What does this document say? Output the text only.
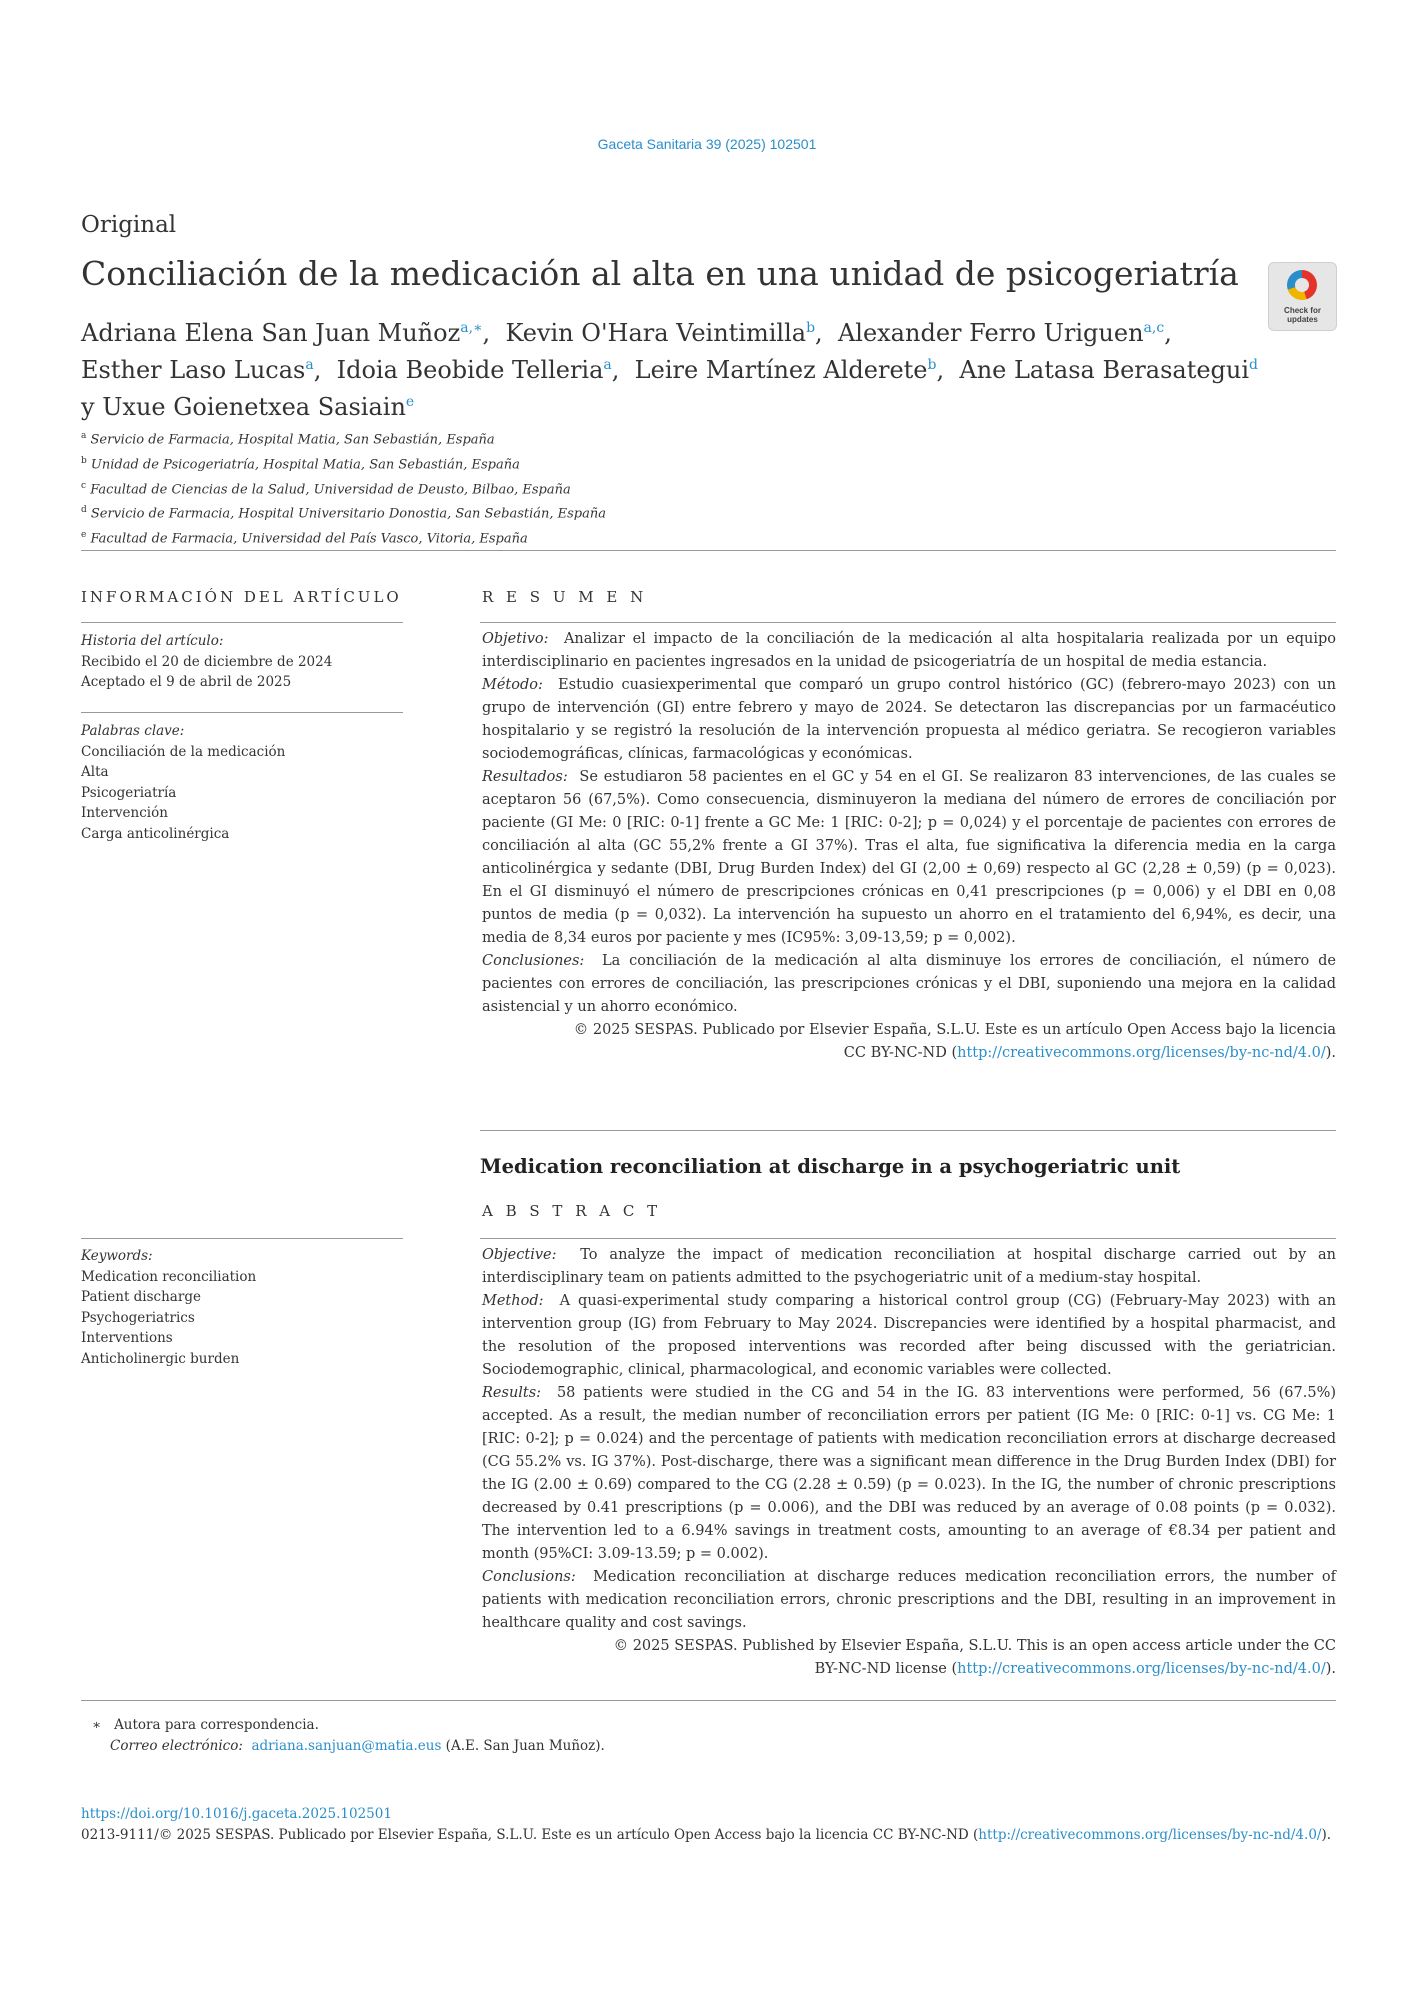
Gaceta Sanitaria 39 (2025) 102501
Original
Conciliación de la medicación al alta en una unidad de psicogeriatría
Check for updates
Adriana Elena San Juan Muñoz$^{a,∗}$, Kevin O'Hara Veintimilla$^b$, Alexander Ferro Uriguen$^{a,c}$,
Esther Laso Lucas$^a$, Idoia Beobide Telleria$^a$, Leire Martínez Alderete$^b$, Ane Latasa Berasategui$^d$
y Uxue Goienetxea Sasiain$^e$
$^a$ Servicio de Farmacia, Hospital Matia, San Sebastián, España
$^b$ Unidad de Psicogeriatría, Hospital Matia, San Sebastián, España
$^c$ Facultad de Ciencias de la Salud, Universidad de Deusto, Bilbao, España
$^d$ Servicio de Farmacia, Hospital Universitario Donostia, San Sebastián, España
$^e$ Facultad de Farmacia, Universidad del País Vasco, Vitoria, España
INFORMACIÓN DEL ARTÍCULO
Historia del artículo:
Recibido el 20 de diciembre de 2024
Aceptado el 9 de abril de 2025
Palabras clave:
Conciliación de la medicación
Alta
Psicogeriatría
Intervención
Carga anticolinérgica
Keywords:
Medication reconciliation
Patient discharge
Psychogeriatrics
Interventions
Anticholinergic burden
R E S U M E N

Objetivo: Analizar el impacto de la conciliación de la medicación al alta hospitalaria realizada por un equipo interdisciplinario en pacientes ingresados en la unidad de psicogeriatría de un hospital de media estancia.

Método: Estudio cuasiexperimental que comparó un grupo control histórico (GC) (febrero-mayo 2023) con un grupo de intervención (GI) entre febrero y mayo de 2024. Se detectaron las discrepancias por un farmacéutico hospitalario y se registró la resolución de la intervención propuesta al médico geriatra. Se recogieron variables sociodemográficas, clínicas, farmacológicas y económicas.

Resultados: Se estudiaron 58 pacientes en el GC y 54 en el GI. Se realizaron 83 intervenciones, de las cuales se aceptaron 56 (67,5%). Como consecuencia, disminuyeron la mediana del número de errores de conciliación por paciente (GI Me: 0 [RIC: 0-1] frente a GC Me: 1 [RIC: 0-2]; p = 0,024) y el porcentaje de pacientes con errores de conciliación al alta (GC 55,2% frente a GI 37%). Tras el alta, fue significativa la diferencia media en la carga anticolinérgica y sedante (DBI, Drug Burden Index) del GI (2,00 ± 0,69) respecto al GC (2,28 ± 0,59) (p = 0,023). En el GI disminuyó el número de prescripciones crónicas en 0,41 prescripciones (p = 0,006) y el DBI en 0,08 puntos de media (p = 0,032). La intervención ha supuesto un ahorro en el tratamiento del 6,94%, es decir, una media de 8,34 euros por paciente y mes (IC95%: 3,09-13,59; p = 0,002).

Conclusiones: La conciliación de la medicación al alta disminuye los errores de conciliación, el número de pacientes con errores de conciliación, las prescripciones crónicas y el DBI, suponiendo una mejora en la calidad asistencial y un ahorro económico.

© 2025 SESPAS. Publicado por Elsevier España, S.L.U. Este es un artículo Open Access bajo la licencia
CC BY-NC-ND (http://creativecommons.org/licenses/by-nc-nd/4.0/).

Medication reconciliation at discharge in a psychogeriatric unit
A B S T R A C T

Objective: To analyze the impact of medication reconciliation at hospital discharge carried out by an interdisciplinary team on patients admitted to the psychogeriatric unit of a medium-stay hospital.

Method: A quasi-experimental study comparing a historical control group (CG) (February-May 2023) with an intervention group (IG) from February to May 2024. Discrepancies were identified by a hospital pharmacist, and the resolution of the proposed interventions was recorded after being discussed with the geriatrician. Sociodemographic, clinical, pharmacological, and economic variables were collected.

Results: 58 patients were studied in the CG and 54 in the IG. 83 interventions were performed, 56 (67.5%) accepted. As a result, the median number of reconciliation errors per patient (IG Me: 0 [RIC: 0-1] vs. CG Me: 1 [RIC: 0-2]; p = 0.024) and the percentage of patients with medication reconciliation errors at discharge decreased (CG 55.2% vs. IG 37%). Post-discharge, there was a significant mean difference in the Drug Burden Index (DBI) for the IG (2.00 ± 0.69) compared to the CG (2.28 ± 0.59) (p = 0.023). In the IG, the number of chronic prescriptions decreased by 0.41 prescriptions (p = 0.006), and the DBI was reduced by an average of 0.08 points (p = 0.032). The intervention led to a 6.94% savings in treatment costs, amounting to an average of €8.34 per patient and month (95%CI: 3.09-13.59; p = 0.002).

Conclusions: Medication reconciliation at discharge reduces medication reconciliation errors, the number of patients with medication reconciliation errors, chronic prescriptions and the DBI, resulting in an improvement in healthcare quality and cost savings.

© 2025 SESPAS. Published by Elsevier España, S.L.U. This is an open access article under the CC
BY-NC-ND license (http://creativecommons.org/licenses/by-nc-nd/4.0/).

∗ Autora para correspondencia.
Correo electrónico: adriana.sanjuan@matia.eus (A.E. San Juan Muñoz).
https://doi.org/10.1016/j.gaceta.2025.102501
0213-9111/© 2025 SESPAS. Publicado por Elsevier España, S.L.U. Este es un artículo Open Access bajo la licencia CC BY-NC-ND (http://creativecommons.org/licenses/by-nc-nd/4.0/).
